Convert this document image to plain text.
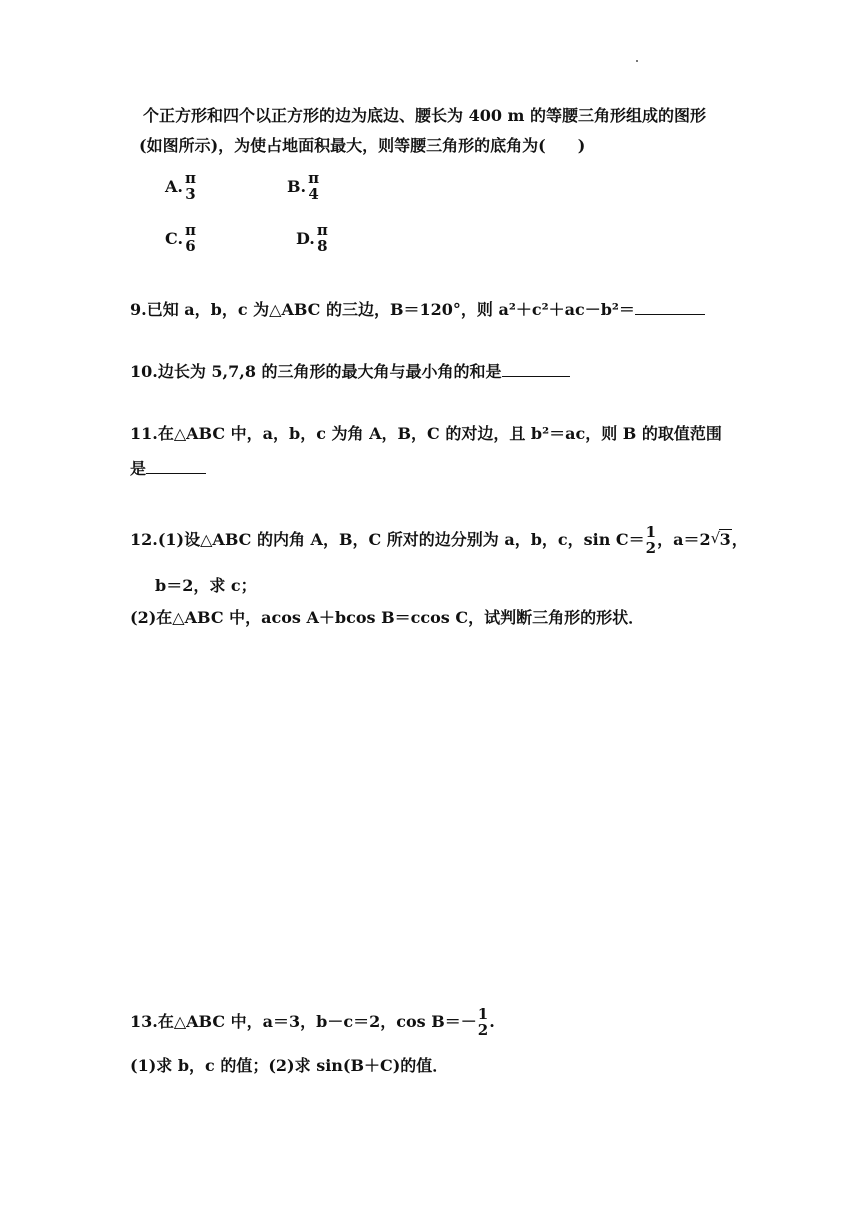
个正方形和四个以正方形的边为底边、腰长为 400 m 的等腰三角形组成的图形
(如图所示)，为使占地面积最大，则等腰三角形的底角为(　　)
A. π
3	B. π
4
C. π
6	D. π
8
9.已知 a，b，c 为△ABC 的三边，B＝120°，则 a²＋c²＋ac－b²＝
10.边长为 5,7,8 的三角形的最大角与最小角的和是
11.在△ABC 中，a，b，c 为角 A，B，C 的对边，且 b²＝ac，则 B 的取值范围
是
12.(1)设△ABC 的内角 A，B，C 所对的边分别为 a，b，c，sin C＝ 1
2 ，a＝2 √ 3 ，
b＝2，求 c；
(2)在△ABC 中，acos A＋bcos B＝ccos C，试判断三角形的形状．
13.在△ABC 中，a＝3，b－c＝2，cos B＝－ 1
2 .
(1)求 b，c 的值；(2)求 sin(B＋C)的值．
